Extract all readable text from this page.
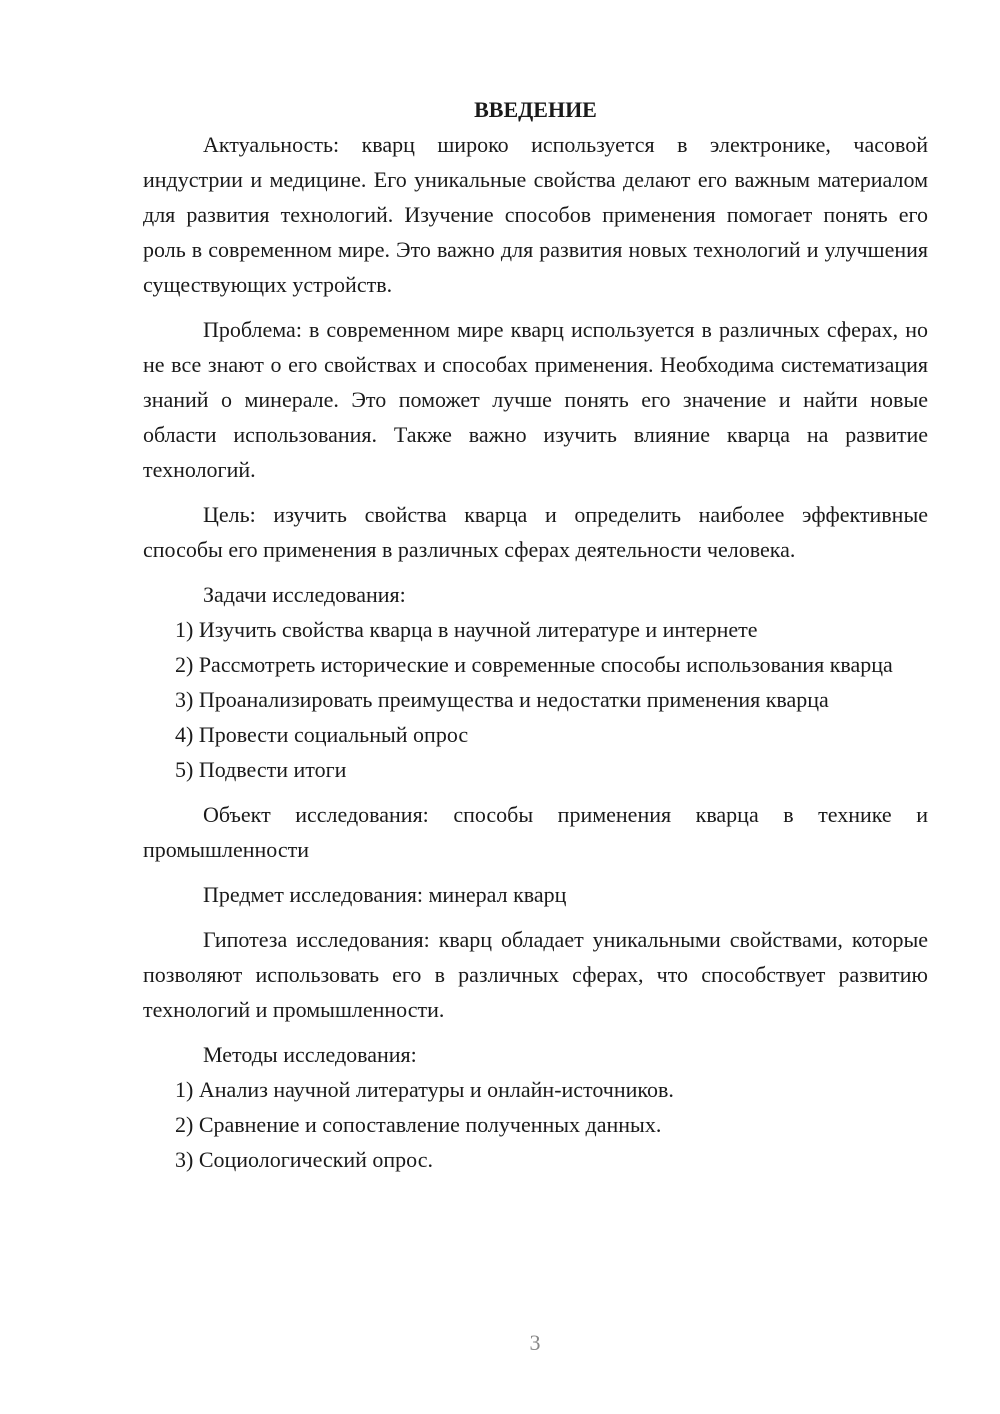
ВВЕДЕНИЕ

Актуальность: кварц широко используется в электронике, часовой индустрии и медицине. Его уникальные свойства делают его важным материалом для развития технологий. Изучение способов применения помогает понять его роль в современном мире. Это важно для развития новых технологий и улучшения существующих устройств.

Проблема: в современном мире кварц используется в различных сферах, но не все знают о его свойствах и способах применения. Необходима систематизация знаний о минерале. Это поможет лучше понять его значение и найти новые области использования. Также важно изучить влияние кварца на развитие технологий.

Цель: изучить свойства кварца и определить наиболее эффективные способы его применения в различных сферах деятельности человека.

Задачи исследования:

1) Изучить свойства кварца в научной литературе и интернете

2) Рассмотреть исторические и современные способы использования кварца

3) Проанализировать преимущества и недостатки применения кварца

4) Провести социальный опрос

5) Подвести итоги

Объект исследования: способы применения кварца в технике и промышленности

Предмет исследования: минерал кварц

Гипотеза исследования: кварц обладает уникальными свойствами, которые позволяют использовать его в различных сферах, что способствует развитию технологий и промышленности.

Методы исследования:

1) Анализ научной литературы и онлайн-источников.

2) Сравнение и сопоставление полученных данных.

3) Социологический опрос.

3
